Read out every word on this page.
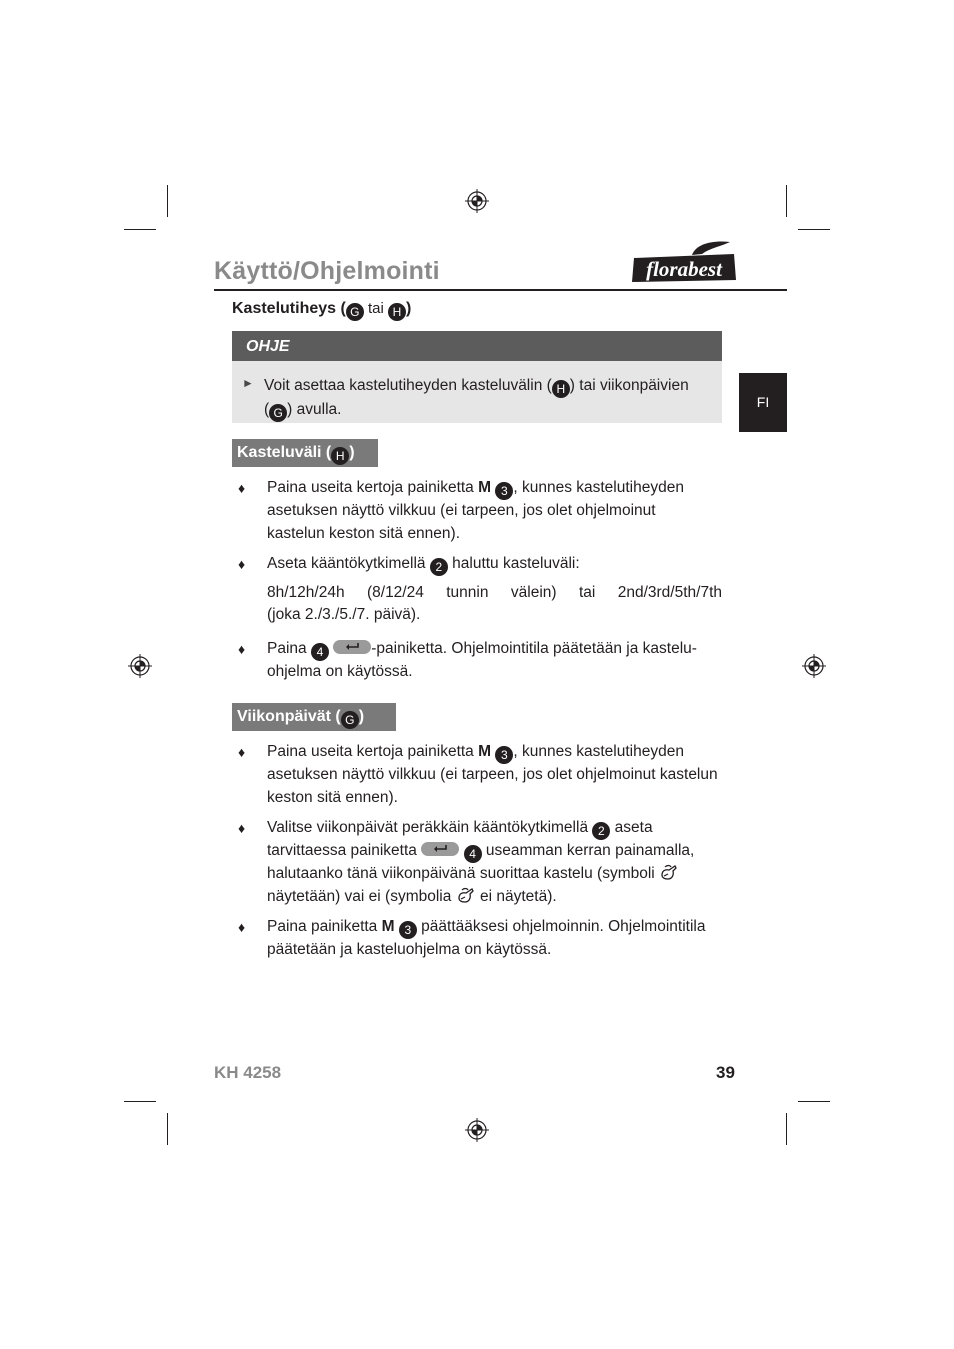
Käyttö/Ohjelmointi	florabest
FI
Kastelutiheys ( G tai H )
OHJE
► Voit asettaa kastelutiheyden kasteluvälin ( H ) tai viikonpäivien
( G ) avulla.
Kasteluväli ( H )
♦ Paina useita kertoja painiketta M 3 , kunnes kastelutiheyden
asetuksen näyttö vilkkuu (ei tarpeen, jos olet ohjelmoinut
kastelun keston sitä ennen).
♦ Aseta kääntökytkimellä 2 haluttu kasteluväli:
8h/12h/24h (8/12/24 tunnin välein) tai 2nd/3rd/5th/7th
(joka 2./3./5./7. päivä).
♦ Paina 4	-painiketta. Ohjelmointitila päätetään ja kastelu-
ohjelma on käytössä.
Viikonpäivät ( G )
♦ Paina useita kertoja painiketta M 3 , kunnes kastelutiheyden
asetuksen näyttö vilkkuu (ei tarpeen, jos olet ohjelmoinut kastelun
keston sitä ennen).
♦ Valitse viikonpäivät peräkkäin kääntökytkimellä 2 aseta
tarvittaessa painiketta	4 useamman kerran painamalla,
halutaanko tänä viikonpäivänä suorittaa kastelu (symboli
näytetään) vai ei (symbolia  ei näytetä).
♦ Paina painiketta M 3 päättääksesi ohjelmoinnin. Ohjelmointitila
päätetään ja kasteluohjelma on käytössä.
KH 4258	39
